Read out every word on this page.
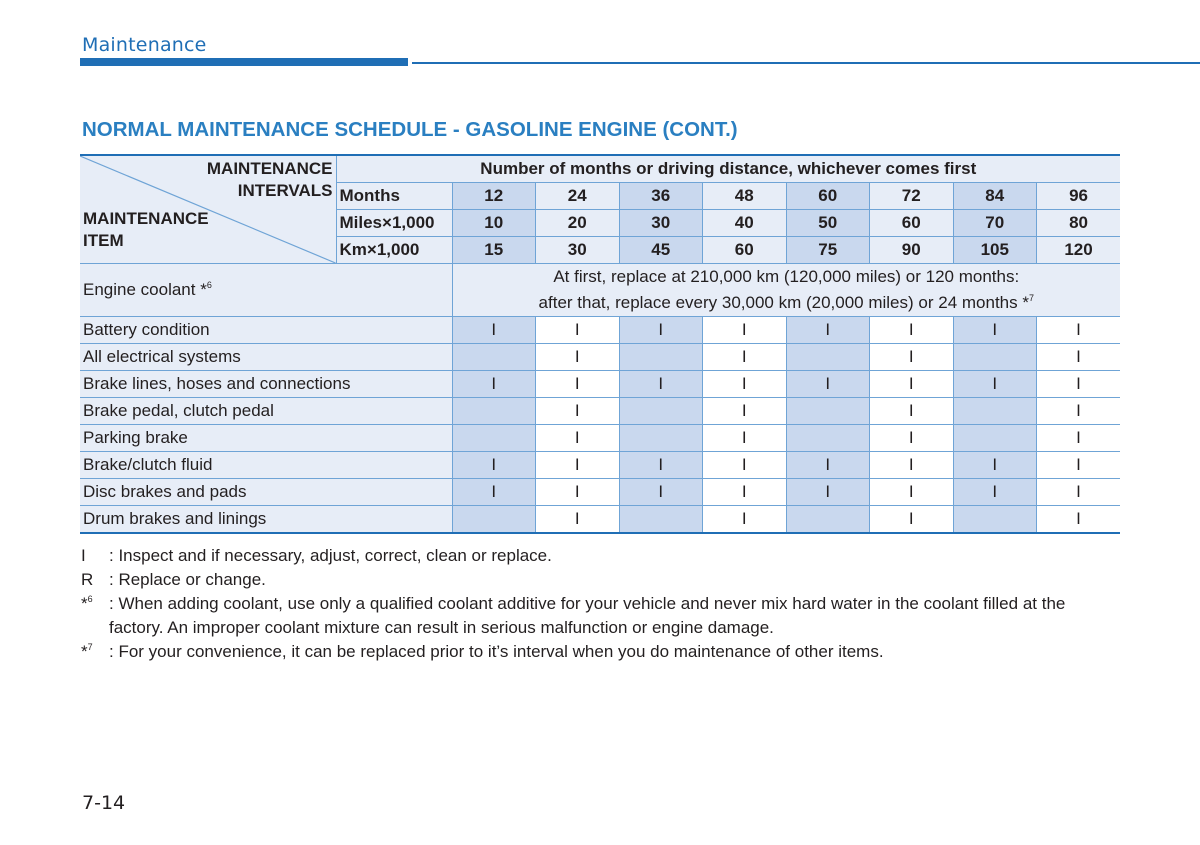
Maintenance
NORMAL MAINTENANCE SCHEDULE - GASOLINE ENGINE (CONT.)
MAINTENANCE
INTERVALS
MAINTENANCE
ITEM	Number of months or driving distance, whichever comes first								
	Months	12	24	36	48	60	72	84	96
	Miles×1,000	10	20	30	40	50	60	70	80
	Km×1,000	15	30	45	60	75	90	105	120
Engine coolant *$^6$		At first, replace at 210,000 km (120,000 miles) or 120 months:
after that, replace every 30,000 km (20,000 miles) or 24 months *$^7$

Battery condition		I	I	I	I	I	I	I	I
All electrical systems			I		I		I		I
Brake lines, hoses and connections		I	I	I	I	I	I	I	I
Brake pedal, clutch pedal			I		I		I		I
Parking brake			I		I		I		I
Brake/clutch fluid		I	I	I	I	I	I	I	I
Disc brakes and pads		I	I	I	I	I	I	I	I
Drum brakes and linings			I		I		I		I
I	: Inspect and if necessary, adjust, correct, clean or replace.
R : Replace or change.
*$^6$ : When adding coolant, use only a qualified coolant additive for your vehicle and never mix hard water in the coolant filled at the factory. An improper coolant mixture can result in serious malfunction or engine damage.
*$^7$ : For your convenience, it can be replaced prior to it’s interval when you do maintenance of other items.
7-14
